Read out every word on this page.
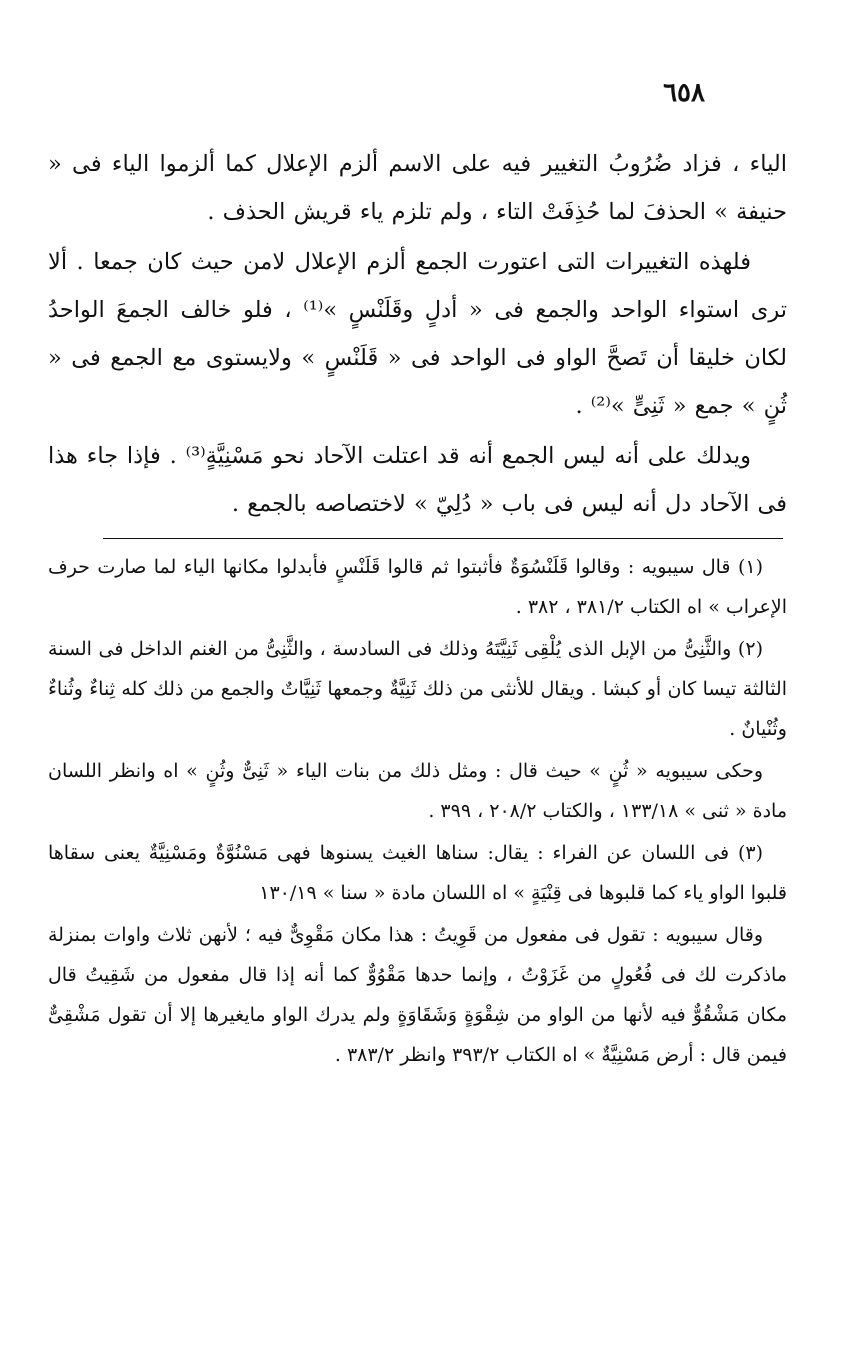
٦٥٨

الياء ، فزاد ضُرُوبُ التغيير فيه على الاسم ألزم الإعلال كما ألزموا الياء فى « حنيفة » الحذفَ لما حُذِفَتْ التاء ، ولم تلزم ياء قريش الحذف .

فلهذه التغييرات التى اعتورت الجمع ألزم الإعلال لامن حيث كان جمعا . ألا ترى استواء الواحد والجمع فى « أدلٍ وقَلَنْسٍ »⁽¹⁾ ، فلو خالف الجمعَ الواحدُ لكان خليقا أن تَصحَّ الواو فى الواحد فى « قَلَنْسٍ » ولايستوى مع الجمع فى « ثُنٍ » جمع « ثَنِىٍّ »⁽²⁾ .

ويدلك على أنه ليس الجمع أنه قد اعتلت الآحاد نحو مَسْنِيَّةٍ⁽³⁾ . فإذا جاء هذا فى الآحاد دل أنه ليس فى باب « دُلِيّ » لاختصاصه بالجمع .

(١) قال سيبويه : وقالوا قَلَنْسُوَةٌ فأثبتوا ثم قالوا قَلَنْسٍ فأبدلوا مكانها الياء لما صارت حرف الإعراب » اه الكتاب ٣٨١/٢ ، ٣٨٢ .

(٢) والثَّنِىُّ من الإبل الذى يُلْقِى ثَنِيَّتَهُ وذلك فى السادسة ، والثَّنِىُّ من الغنم الداخل فى السنة الثالثة تيسا كان أو كبشا . ويقال للأنثى من ذلك ثَنِيَّةٌ وجمعها ثَنِيَّاتٌ والجمع من ذلك كله ثِناءٌ وثُناءٌ وثُنْيانٌ .

وحكى سيبويه « ثُنٍ » حيث قال : ومثل ذلك من بنات الياء « ثَنِىٌّ وثُنٍ » اه وانظر اللسان مادة « ثنى » ١٣٣/١٨ ، والكتاب ٢٠٨/٢ ، ٣٩٩ .

(٣) فى اللسان عن الفراء : يقال: سناها الغيث يسنوها فهى مَسْنُوَّةٌ ومَسْنِيَّةٌ يعنى سقاها قلبوا الواو ياء كما قلبوها فى قِنْيَةٍ » اه اللسان مادة « سنا » ١٣٠/١٩

وقال سيبويه : تقول فى مفعول من قَوِيتُ : هذا مكان مَقْوِىٌّ فيه ؛ لأنهن ثلاث واوات بمنزلة ماذكرت لك فى فُعُولٍ من غَزَوْتُ ، وإنما حدها مَقْوُوٌّ كما أنه إذا قال مفعول من شَقِيتُ قال مكان مَشْقُوٌّ فيه لأنها من الواو من شِقْوَةٍ وَشَقَاوَةٍ ولم يدرك الواو مايغيرها إلا أن تقول مَشْقِىٌّ فيمن قال : أرض مَسْنِيَّةٌ » اه الكتاب ٣٩٣/٢ وانظر ٣٨٣/٢ .
